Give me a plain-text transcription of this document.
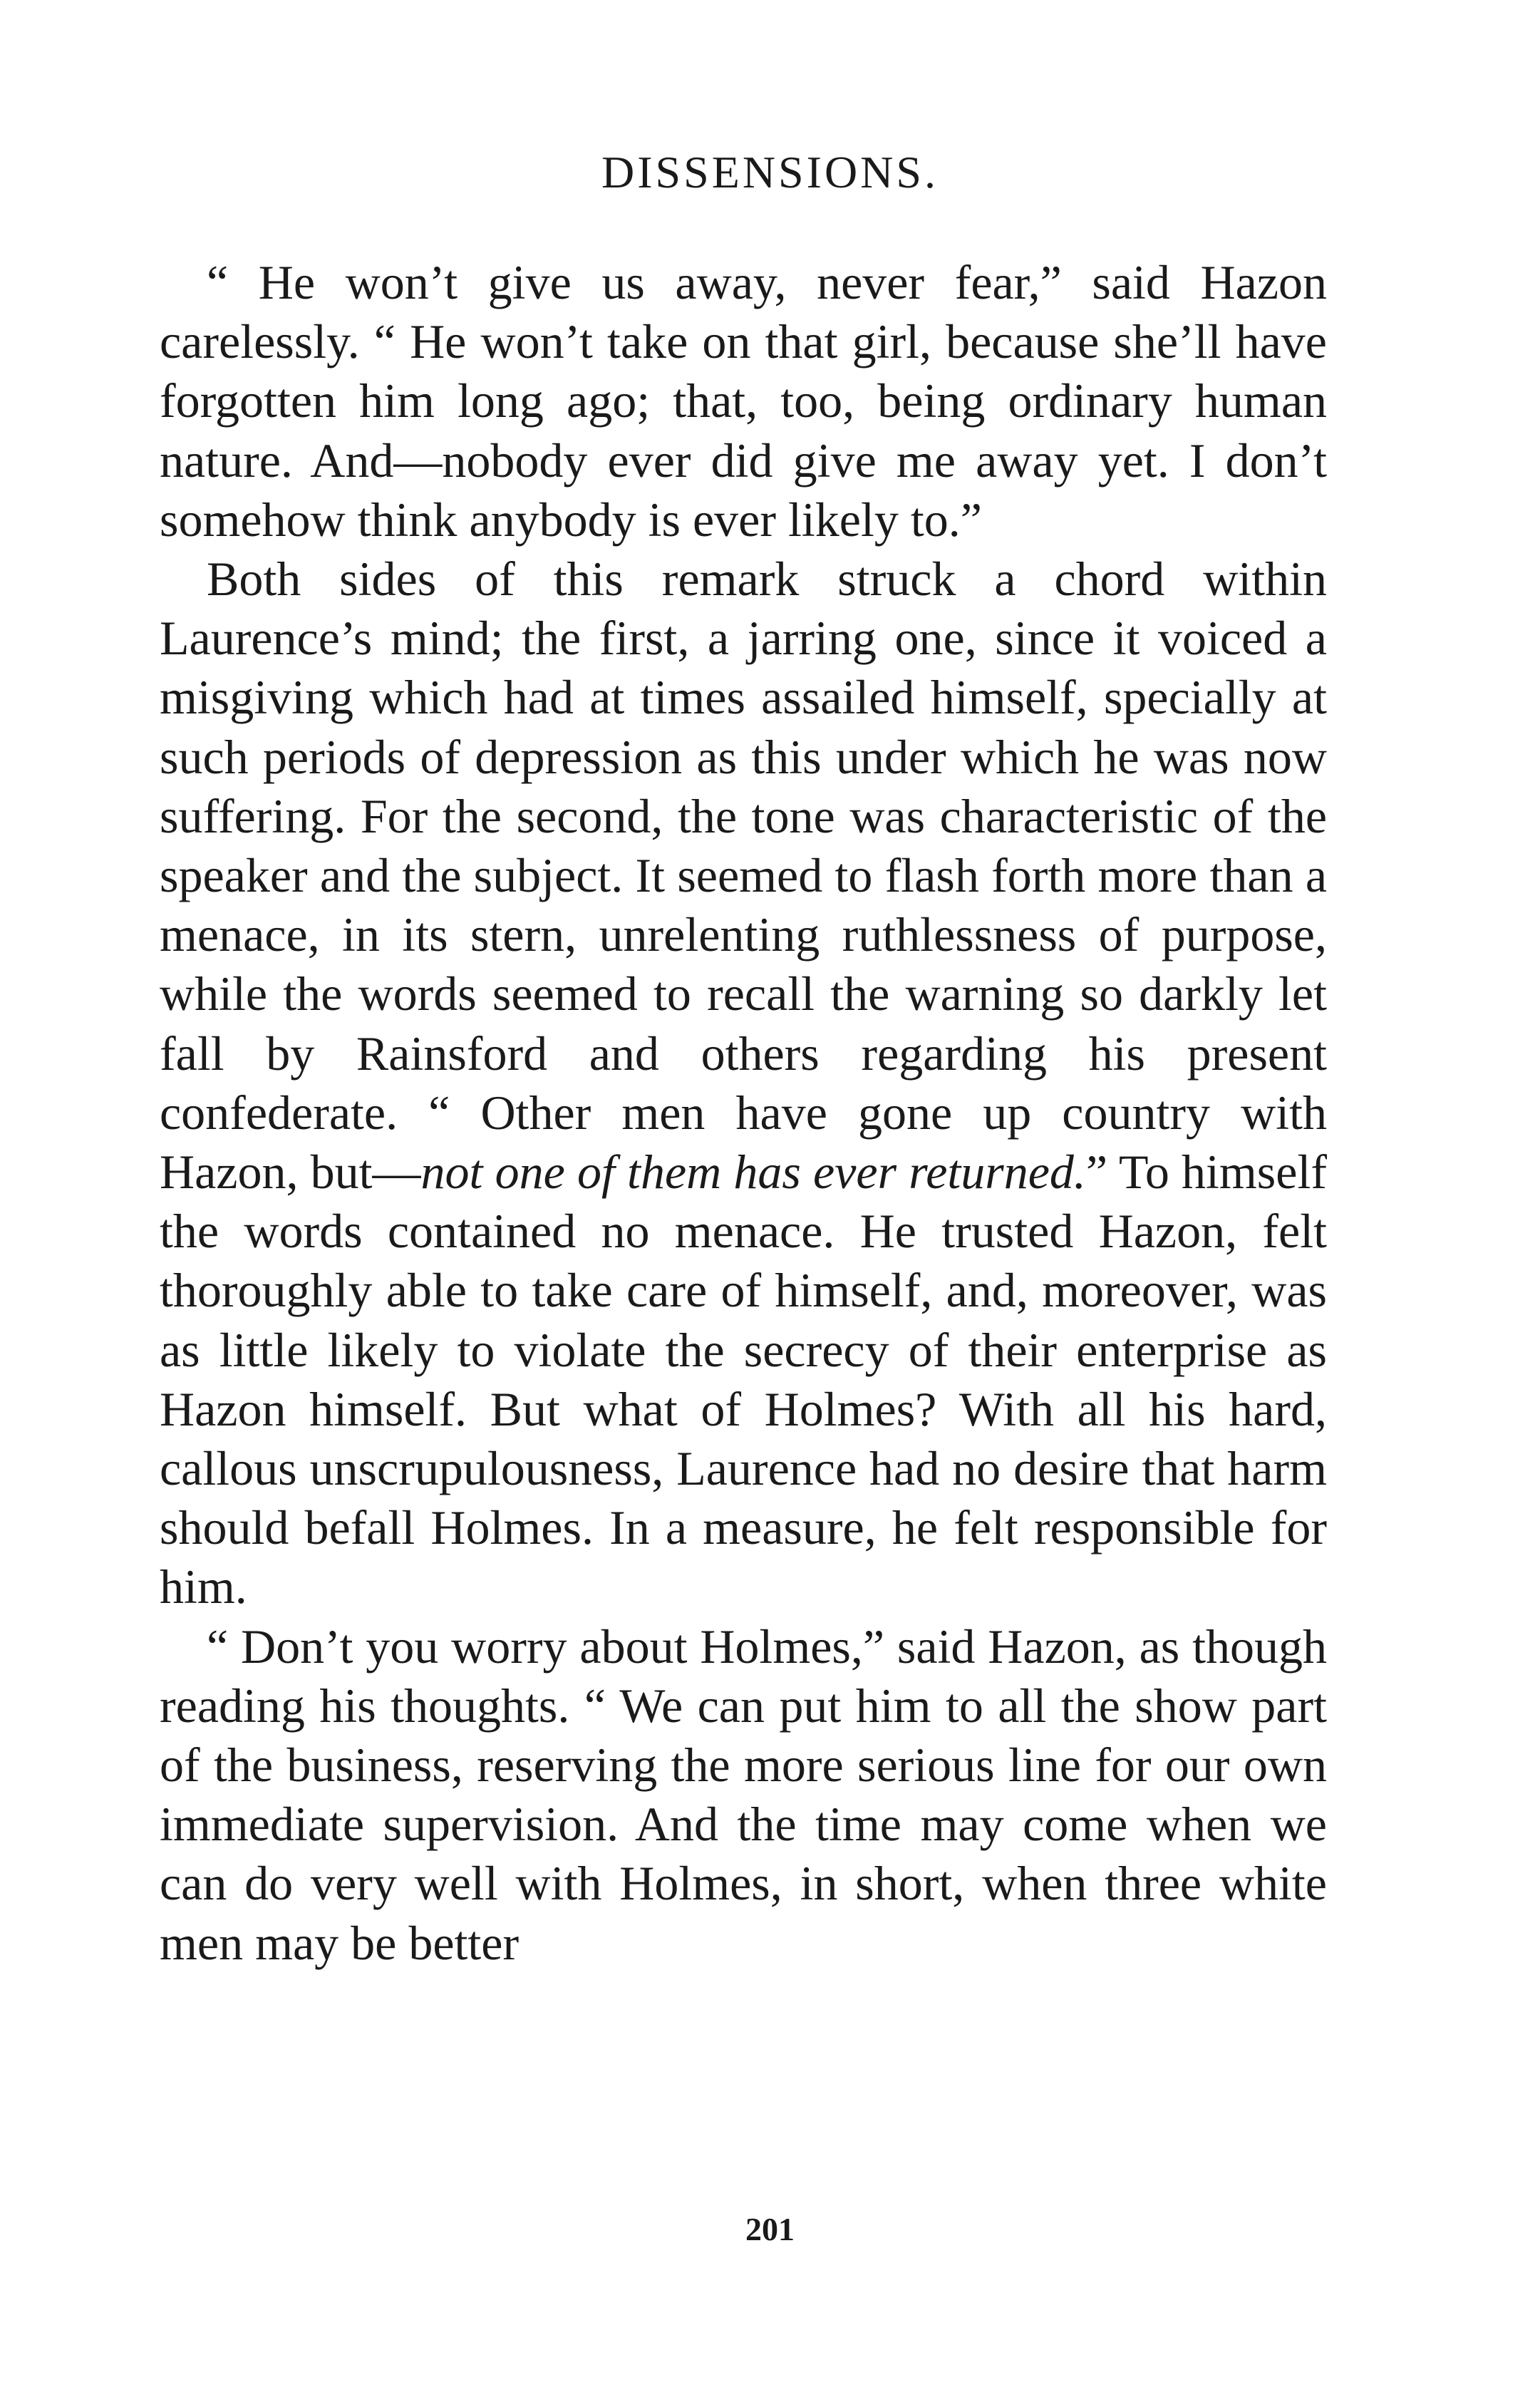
DISSENSIONS.

“ He won’t give us away, never fear,” said Hazon carelessly. “ He won’t take on that girl, because she’ll have forgotten him long ago; that, too, being ordinary human nature. And—nobody ever did give me away yet. I don’t somehow think anybody is ever likely to.”

Both sides of this remark struck a chord within Laurence’s mind; the first, a jarring one, since it voiced a misgiving which had at times assailed himself, specially at such periods of depression as this under which he was now suffering. For the second, the tone was characteristic of the speaker and the subject. It seemed to flash forth more than a menace, in its stern, unrelenting ruthlessness of purpose, while the words seemed to recall the warning so darkly let fall by Rainsford and others regarding his present confederate. “ Other men have gone up country with Hazon, but—not one of them has ever returned.” To himself the words contained no menace. He trusted Hazon, felt thoroughly able to take care of himself, and, moreover, was as little likely to violate the secrecy of their enterprise as Hazon himself. But what of Holmes? With all his hard, callous unscrupulousness, Laurence had no desire that harm should befall Holmes. In a measure, he felt responsible for him.

“ Don’t you worry about Holmes,” said Hazon, as though reading his thoughts. “ We can put him to all the show part of the business, reserving the more serious line for our own immediate supervision. And the time may come when we can do very well with Holmes, in short, when three white men may be better

201
